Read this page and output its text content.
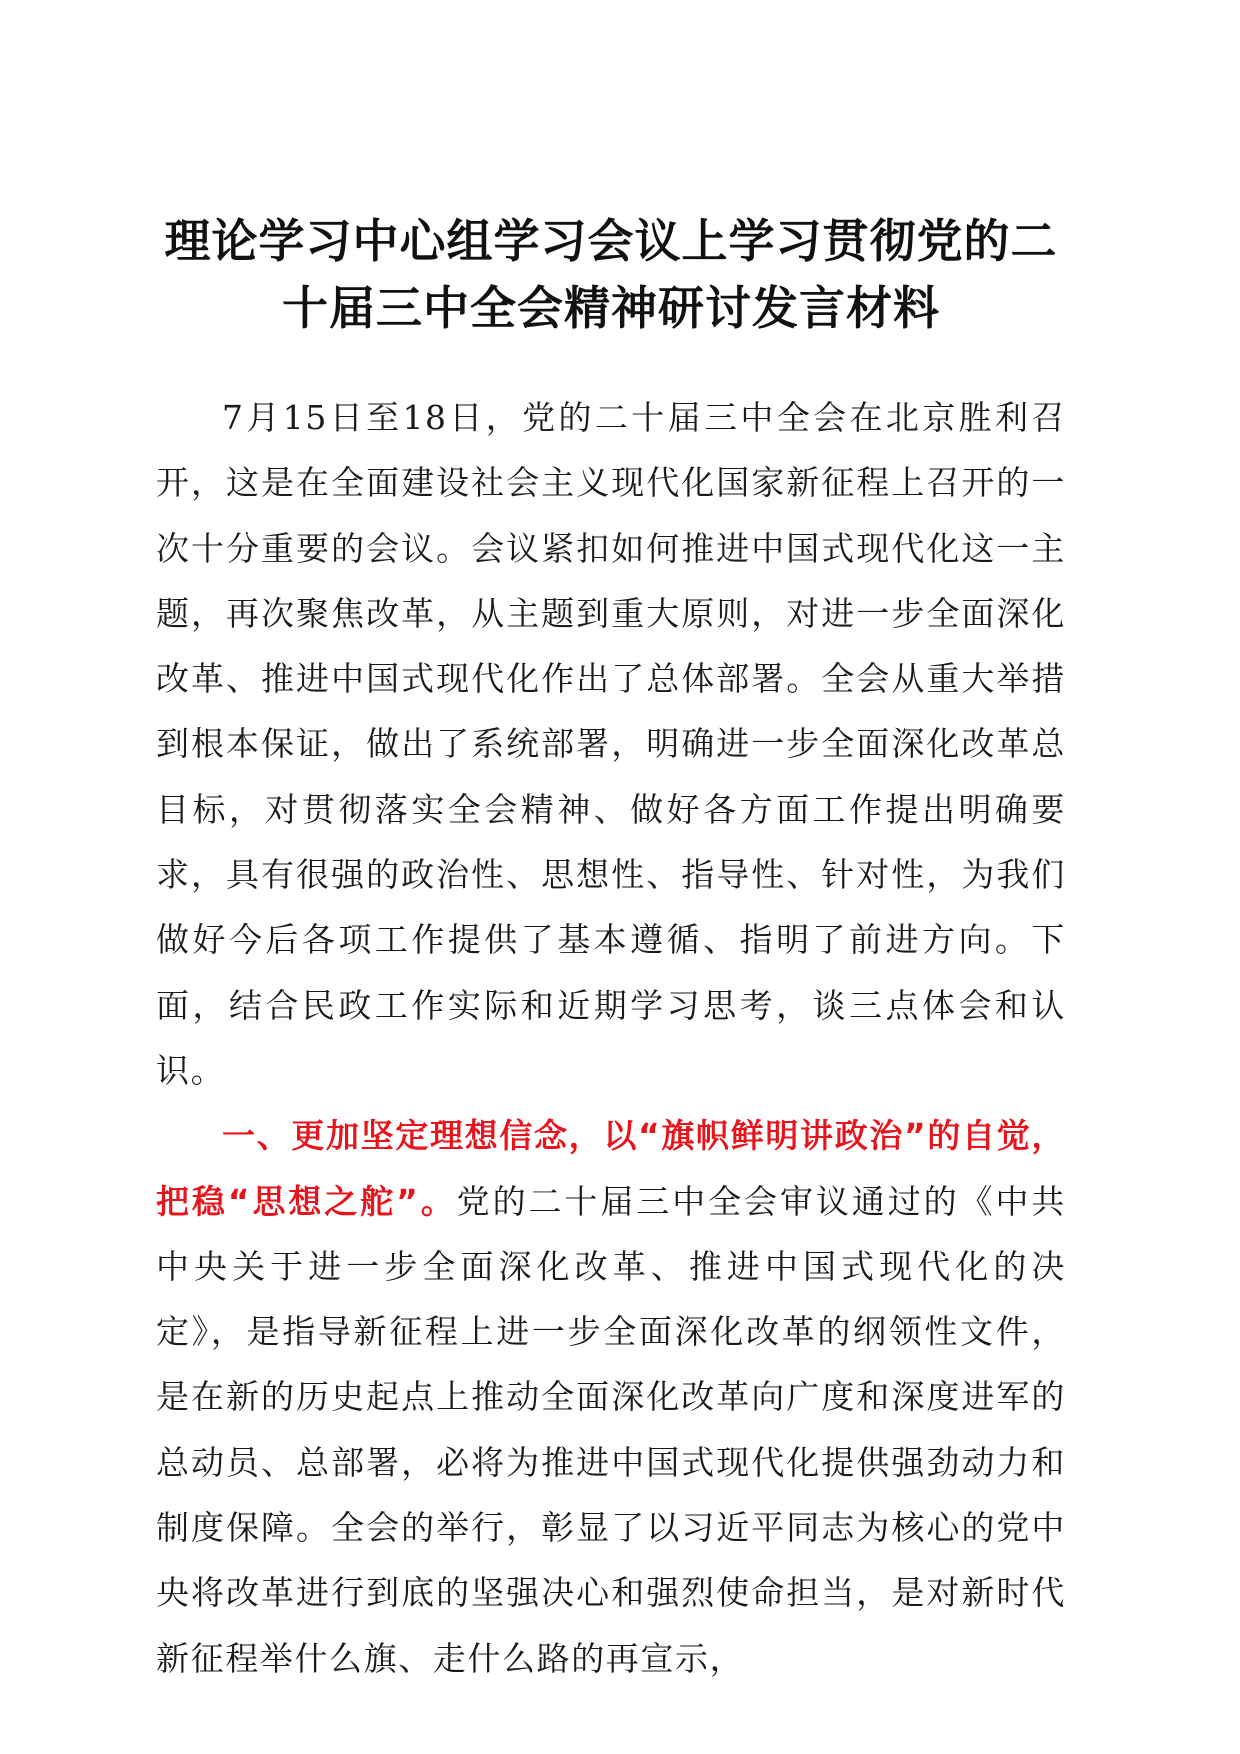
理论学习中心组学习会议上学习贯彻党的二十届三中全会精神研讨发言材料

7月15日至18日，党的二十届三中全会在北京胜利召开，这是在全面建设社会主义现代化国家新征程上召开的一次十分重要的会议。会议紧扣如何推进中国式现代化这一主题，再次聚焦改革，从主题到重大原则，对进一步全面深化改革、推进中国式现代化作出了总体部署。全会从重大举措到根本保证，做出了系统部署，明确进一步全面深化改革总目标，对贯彻落实全会精神、做好各方面工作提出明确要求，具有很强的政治性、思想性、指导性、针对性，为我们做好今后各项工作提供了基本遵循、指明了前进方向。下面，结合民政工作实际和近期学习思考，谈三点体会和认识。

一、更加坚定理想信念，以“旗帜鲜明讲政治”的自觉，把稳“思想之舵”。党的二十届三中全会审议通过的《中共中央关于进一步全面深化改革、推进中国式现代化的决定》，是指导新征程上进一步全面深化改革的纲领性文件，是在新的历史起点上推动全面深化改革向广度和深度进军的总动员、总部署，必将为推进中国式现代化提供强劲动力和制度保障。全会的举行，彰显了以习近平同志为核心的党中央将改革进行到底的坚强决心和强烈使命担当，是对新时代新征程举什么旗、走什么路的再宣示，
